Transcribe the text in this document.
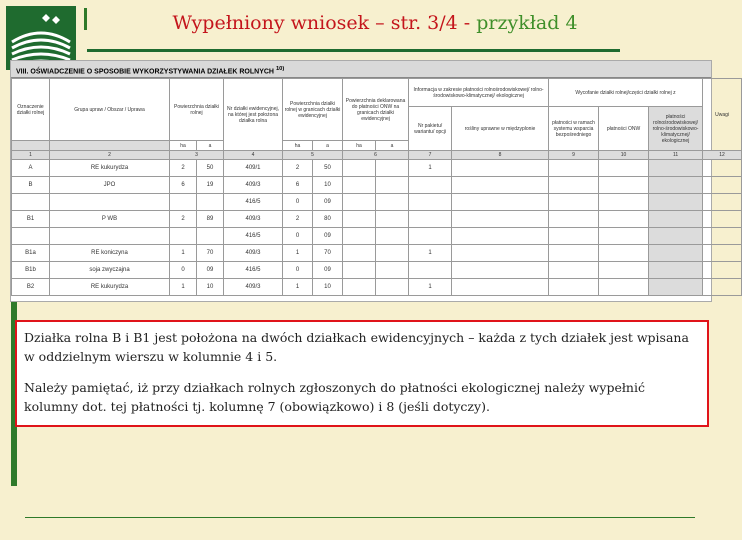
Wypełniony wniosek – str. 3/4 - przykład 4
VIII. OŚWIADCZENIE O SPOSOBIE WYKORZYSTYWANIA DZIAŁEK ROLNYCH $^{10)}$
Oznaczenie działki rolnej	Grupa upraw / Obszar / Uprawa	Powierzchnia działki rolnej		Nr działki ewidencyjnej, na której jest położona działka rolna	Powierzchnia działki rolnej w granicach działki ewidencyjnej		Powierzchnia deklarowana do płatności ONW na granicach działki ewidencyjnej		Informacja w zakresie płatności rolnośrodowiskowej/ rolno-środowiskowo-klimatycznej/ ekologicznej		Wycofanie działki rolnej/części działki rolnej z			Uwagi
									Nr pakietu/ wariantu/ opcji	rośliny uprawne w międzyplonie	płatności w ramach systemu wsparcia bezpośredniego	płatności ONW	płatności rolnośrodowiskowej/ rolno-środowiskowo-klimatycznej/ ekologicznej	
		ha	a		ha	a	ha	a						
1	2	3		4	5		6		7	8	9	10	11	12
A	RE kukurydza	2	50	409/1	2	50			1					
B	JPO	6	19	409/3	6	10								
				416/5	0	09								
B1	P WB	2	89	409/3	2	80								
				416/5	0	09								
B1a	RE koniczyna	1	70	409/3	1	70			1					
B1b	soja zwyczajna	0	09	416/5	0	09								
B2	RE kukurydza	1	10	409/3	1	10			1					

Działka rolna B i B1 jest położona na dwóch działkach ewidencyjnych – każda z tych działek jest wpisana w oddzielnym wierszu w kolumnie 4 i 5.

Należy pamiętać, iż przy działkach rolnych zgłoszonych do płatności ekologicznej należy wypełnić kolumny dot. tej płatności tj. kolumnę 7 (obowiązkowo) i 8 (jeśli dotyczy).
